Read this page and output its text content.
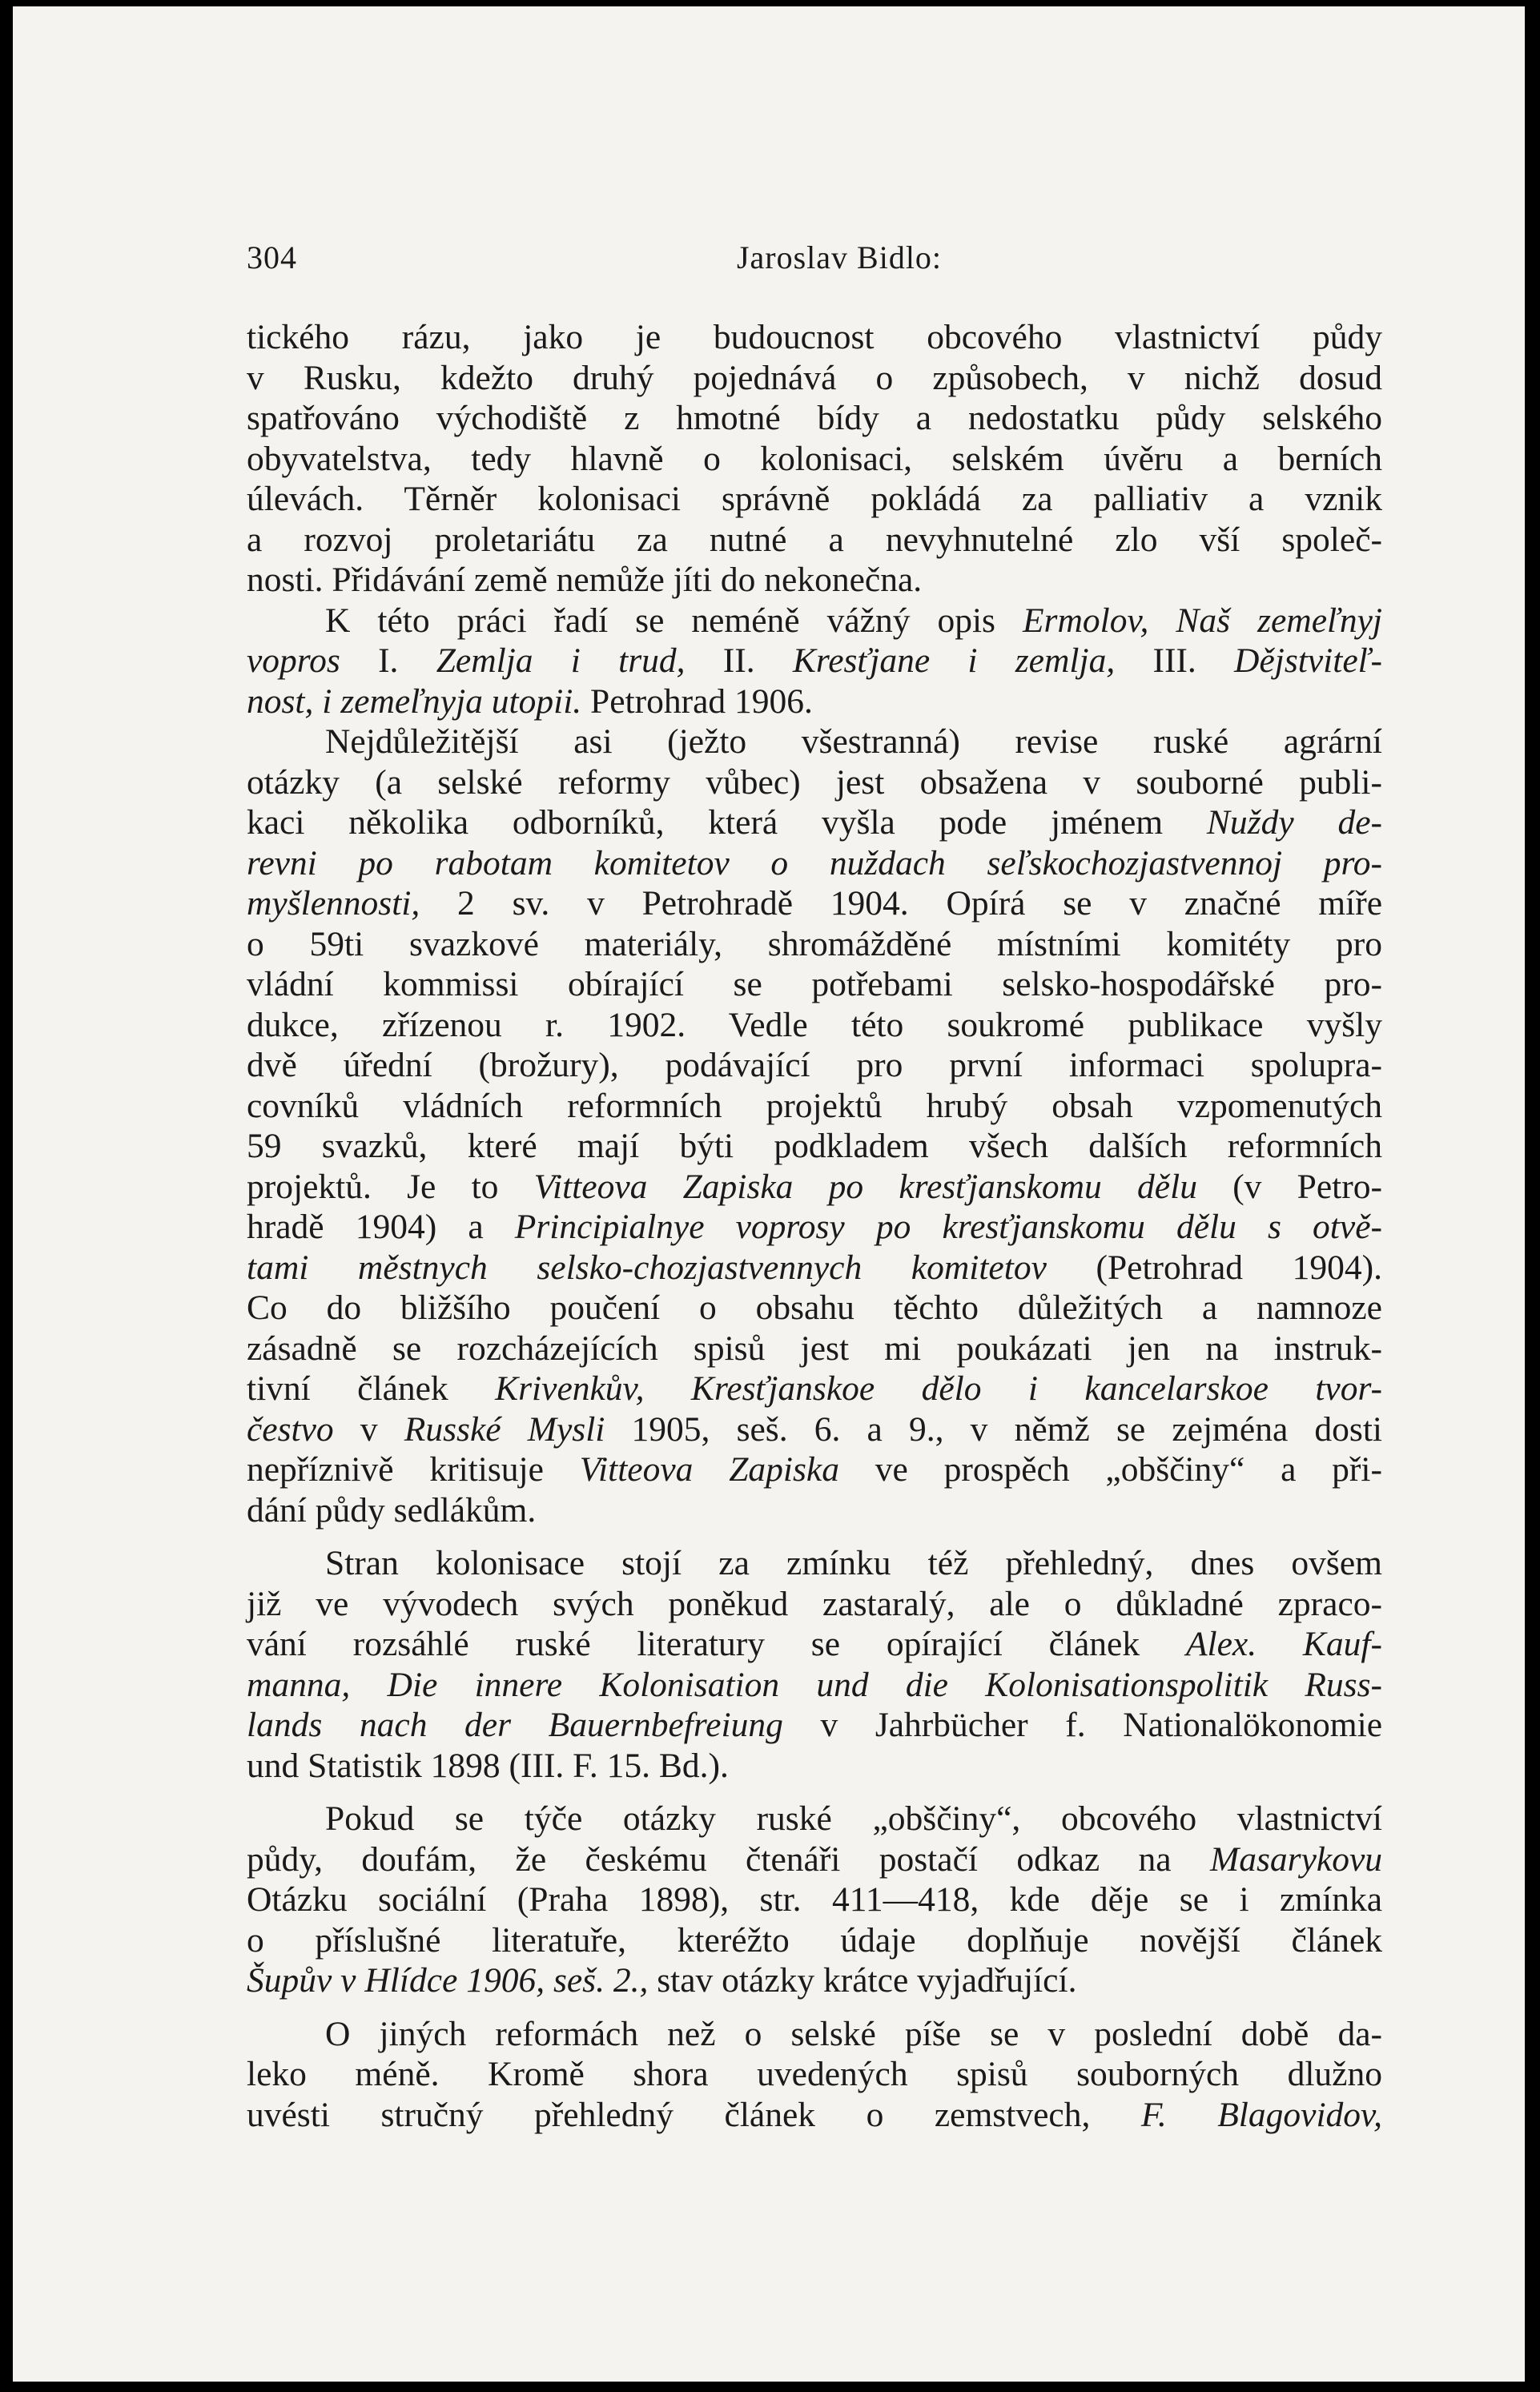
304	Jaroslav Bidlo:
tického rázu, jako je budoucnost obcového vlastnictví půdy
v Rusku, kdežto druhý pojednává o způsobech, v nichž dosud
spatřováno východiště z hmotné bídy a nedostatku půdy selského
obyvatelstva, tedy hlavně o kolonisaci, selském úvěru a berních
úlevách. Těrněr kolonisaci správně pokládá za palliativ a vznik
a rozvoj proletariátu za nutné a nevyhnutelné zlo vší společ-
nosti. Přidávání země nemůže jíti do nekonečna.
K této práci řadí se neméně vážný opis Ermolov, Naš zemeľnyj
vopros I. Zemlja i trud, II. Kresťjane i zemlja, III. Dějstviteľ-
nost, i zemeľnyja utopii. Petrohrad 1906.
Nejdůležitější asi (ježto všestranná) revise ruské agrární
otázky (a selské reformy vůbec) jest obsažena v souborné publi-
kaci několika odborníků, která vyšla pode jménem Nuždy de-
revni po rabotam komitetov o nuždach seľskochozjastvennoj pro-
myšlennosti, 2 sv. v Petrohradě 1904. Opírá se v značné míře
o 59ti svazkové materiály, shromážděné místními komitéty pro
vládní kommissi obírající se potřebami selsko-hospodářské pro-
dukce, zřízenou r. 1902. Vedle této soukromé publikace vyšly
dvě úřední (brožury), podávající pro první informaci spolupra-
covníků vládních reformních projektů hrubý obsah vzpomenutých
59 svazků, které mají býti podkladem všech dalších reformních
projektů. Je to Vitteova Zapiska po kresťjanskomu dělu (v Petro-
hradě 1904) a Principialnye voprosy po kresťjanskomu dělu s otvě-
tami městnych selsko-chozjastvennych komitetov (Petrohrad 1904).
Co do bližšího poučení o obsahu těchto důležitých a namnoze
zásadně se rozcházejících spisů jest mi poukázati jen na instruk-
tivní článek Krivenkův, Kresťjanskoe dělo i kancelarskoe tvor-
čestvo v Russké Mysli 1905, seš. 6. a 9., v němž se zejména dosti
nepříznivě kritisuje Vitteova Zapiska ve prospěch „obščiny“ a při-
dání půdy sedlákům.
Stran kolonisace stojí za zmínku též přehledný, dnes ovšem
již ve vývodech svých poněkud zastaralý, ale o důkladné zpraco-
vání rozsáhlé ruské literatury se opírající článek Alex. Kauf-
manna, Die innere Kolonisation und die Kolonisationspolitik Russ-
lands nach der Bauernbefreiung v Jahrbücher f. Nationalökonomie
und Statistik 1898 (III. F. 15. Bd.).
Pokud se týče otázky ruské „obščiny“, obcového vlastnictví
půdy, doufám, že českému čtenáři postačí odkaz na Masarykovu
Otázku sociální (Praha 1898), str. 411—418, kde děje se i zmínka
o příslušné literatuře, kteréžto údaje doplňuje novější článek
Šupův v Hlídce 1906, seš. 2., stav otázky krátce vyjadřující.
O jiných reformách než o selské píše se v poslední době da-
leko méně. Kromě shora uvedených spisů souborných dlužno
uvésti stručný přehledný článek o zemstvech, F. Blagovidov,
